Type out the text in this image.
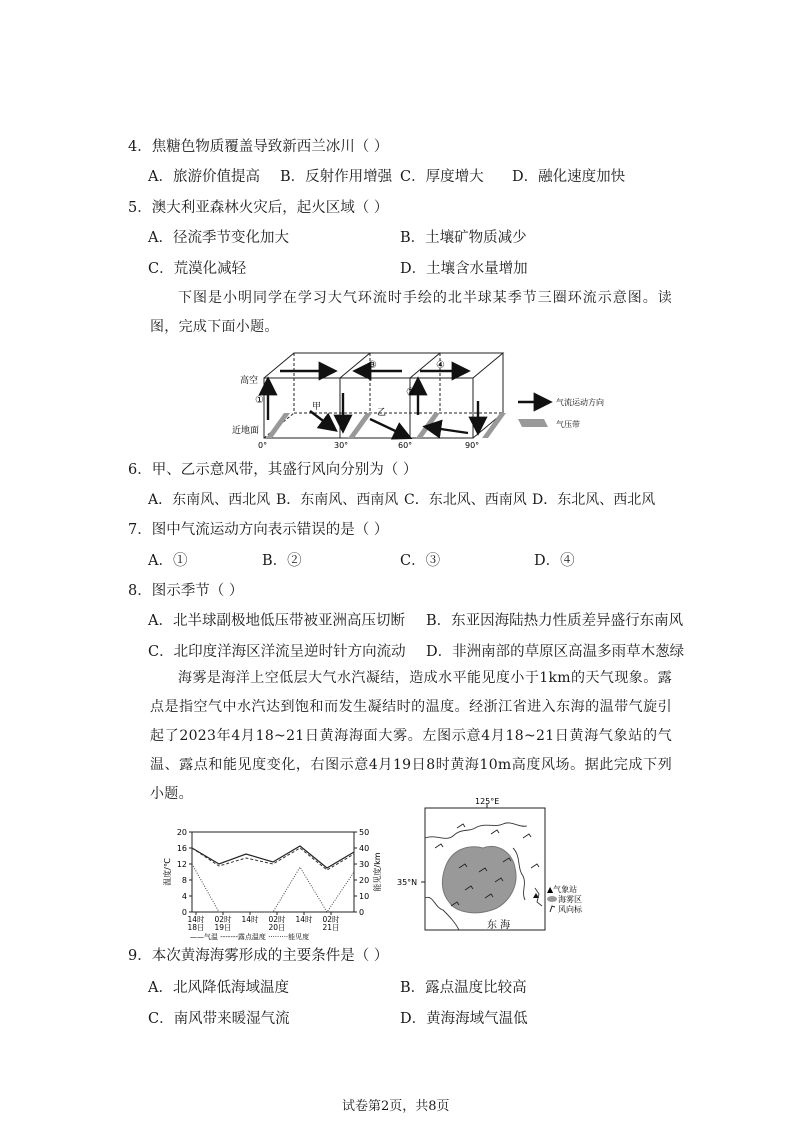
4．焦糖色物质覆盖导致新西兰冰川（ ）
A．旅游价值提高 B．反射作用增强 C．厚度增大 D．融化速度加快
5．澳大利亚森林火灾后，起火区域（ ）
A．径流季节变化加大	B．土壤矿物质减少
C．荒漠化减轻	D．土壤含水量增加
下图是小明同学在学习大气环流时手绘的北半球某季节三圈环流示意图。读图，完成下面小题。
高空
近地面
甲
乙
①
②
③	④
0°	30°	60°	90°
气流运动方向
气压带
6．甲、乙示意风带，其盛行风向分别为（ ）
A．东南风、西北风 B．东南风、西南风 C．东北风、西南风 D．东北风、西北风
7．图中气流运动方向表示错误的是（ ）
A．①	B．②	C．③	D．④
8．图示季节（ ）
A．北半球副极地低压带被亚洲高压切断 B．东亚因海陆热力性质差异盛行东南风
C．北印度洋海区洋流呈逆时针方向流动 D．非洲南部的草原区高温多雨草木葱绿
海雾是海洋上空低层大气水汽凝结，造成水平能见度小于1km的天气现象。露点是指空气中水汽达到饱和而发生凝结时的温度。经浙江省进入东海的温带气旋引起了2023年4月18~21日黄海海面大雾。左图示意4月18~21日黄海气象站的气温、露点和能见度变化，右图示意4月19日8时黄海10m高度风场。据此完成下列小题。
20
16
12
8
4
0
50
40
30
20
10
0
14时
18日
02时
19日
14时 02时
20日
14时 02时
21日
温度/℃	能见度/km
——气温 -------露点温度 ·········能见度
125°E
35°N
东 海
▲气象站
海雾区
风向标
9．本次黄海海雾形成的主要条件是（ ）
A．北风降低海域温度	B．露点温度比较高
C．南风带来暖湿气流	D．黄海海域气温低
试卷第2页，共8页
